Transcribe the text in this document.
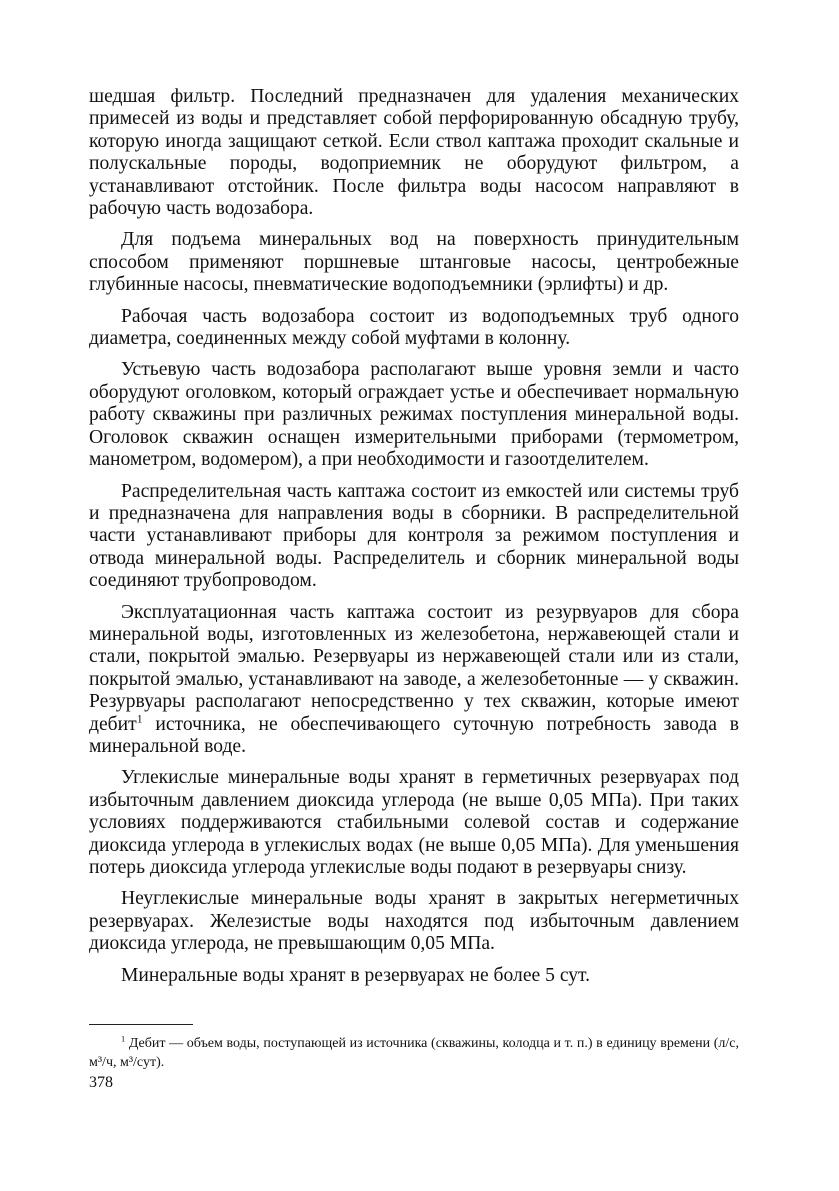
шедшая фильтр. Последний предназначен для удаления механических примесей из воды и представляет собой перфорированную обсадную трубу, которую иногда защищают сеткой. Если ствол каптажа проходит скальные и полускальные породы, водоприемник не оборудуют фильтром, а устанавливают отстойник. После фильтра воды насосом направляют в рабочую часть водозабора.

Для подъема минеральных вод на поверхность принудительным способом применяют поршневые штанговые насосы, центробежные глубинные насосы, пневматические водоподъемники (эрлифты) и др.

Рабочая часть водозабора состоит из водоподъемных труб одного диаметра, соединенных между собой муфтами в колонну.

Устьевую часть водозабора располагают выше уровня земли и часто оборудуют оголовком, который ограждает устье и обеспечивает нормальную работу скважины при различных режимах поступления минеральной воды. Оголовок скважин оснащен измерительными приборами (термометром, манометром, водомером), а при необходимости и газоотделителем.

Распределительная часть каптажа состоит из емкостей или системы труб и предназначена для направления воды в сборники. В распределительной части устанавливают приборы для контроля за режимом поступления и отвода минеральной воды. Распределитель и сборник минеральной воды соединяют трубопроводом.

Эксплуатационная часть каптажа состоит из резурвуаров для сбора минеральной воды, изготовленных из железобетона, нержавеющей стали и стали, покрытой эмалью. Резервуары из нержавеющей стали или из стали, покрытой эмалью, устанавливают на заводе, а железобетонные — у скважин. Резурвуары располагают непосредственно у тех скважин, которые имеют дебит$^1$ источника, не обеспечивающего суточную потребность завода в минеральной воде.

Углекислые минеральные воды хранят в герметичных резервуарах под избыточным давлением диоксида углерода (не выше 0,05 МПа). При таких условиях поддерживаются стабильными солевой состав и содержание диоксида углерода в углекислых водах (не выше 0,05 МПа). Для уменьшения потерь диоксида углерода углекислые воды подают в резервуары снизу.

Неуглекислые минеральные воды хранят в закрытых негерметичных резервуарах. Железистые воды находятся под избыточным давлением диоксида углерода, не превышающим 0,05 МПа.

Минеральные воды хранят в резервуарах не более 5 сут.

$^1$ Дебит — объем воды, поступающей из источника (скважины, колодца и т. п.) в единицу времени (л/с, м³/ч, м³/сут).

378
